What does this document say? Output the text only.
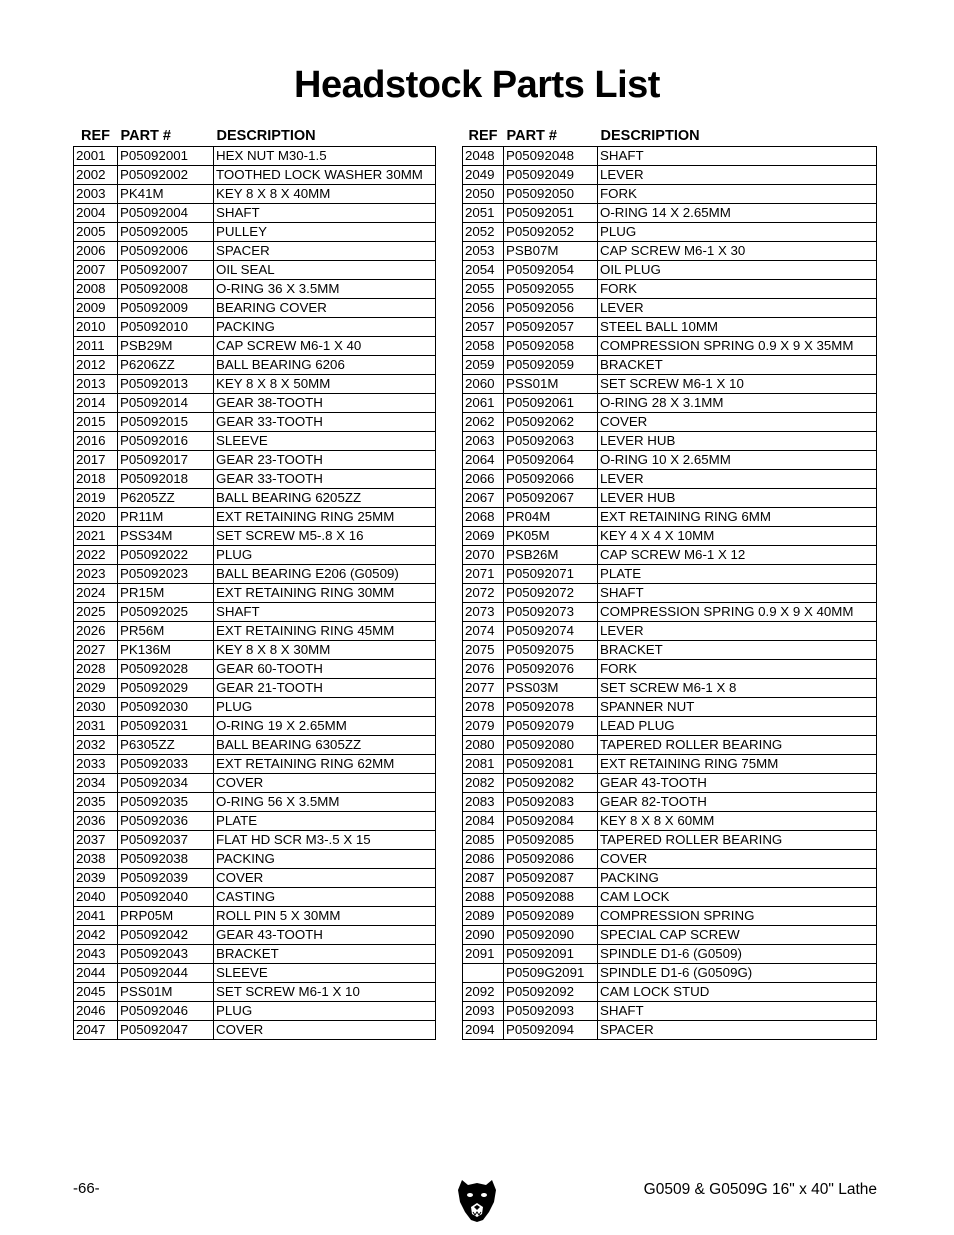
Headstock Parts List
REF	PART #	DESCRIPTION
2001	P05092001	HEX NUT M30-1.5
2002	P05092002	TOOTHED LOCK WASHER 30MM
2003	PK41M	KEY 8 X 8 X 40MM
2004	P05092004	SHAFT
2005	P05092005	PULLEY
2006	P05092006	SPACER
2007	P05092007	OIL SEAL
2008	P05092008	O-RING 36 X 3.5MM
2009	P05092009	BEARING COVER
2010	P05092010	PACKING
2011	PSB29M	CAP SCREW M6-1 X 40
2012	P6206ZZ	BALL BEARING 6206
2013	P05092013	KEY 8 X 8 X 50MM
2014	P05092014	GEAR 38-TOOTH
2015	P05092015	GEAR 33-TOOTH
2016	P05092016	SLEEVE
2017	P05092017	GEAR 23-TOOTH
2018	P05092018	GEAR 33-TOOTH
2019	P6205ZZ	BALL BEARING 6205ZZ
2020	PR11M	EXT RETAINING RING 25MM
2021	PSS34M	SET SCREW M5-.8 X 16
2022	P05092022	PLUG
2023	P05092023	BALL BEARING E206 (G0509)
2024	PR15M	EXT RETAINING RING 30MM
2025	P05092025	SHAFT
2026	PR56M	EXT RETAINING RING 45MM
2027	PK136M	KEY 8 X 8 X 30MM
2028	P05092028	GEAR 60-TOOTH
2029	P05092029	GEAR 21-TOOTH
2030	P05092030	PLUG
2031	P05092031	O-RING 19 X 2.65MM
2032	P6305ZZ	BALL BEARING 6305ZZ
2033	P05092033	EXT RETAINING RING 62MM
2034	P05092034	COVER
2035	P05092035	O-RING 56 X 3.5MM
2036	P05092036	PLATE
2037	P05092037	FLAT HD SCR M3-.5 X 15
2038	P05092038	PACKING
2039	P05092039	COVER
2040	P05092040	CASTING
2041	PRP05M	ROLL PIN 5 X 30MM
2042	P05092042	GEAR 43-TOOTH
2043	P05092043	BRACKET
2044	P05092044	SLEEVE
2045	PSS01M	SET SCREW M6-1 X 10
2046	P05092046	PLUG
2047	P05092047	COVER
REF	PART #	DESCRIPTION
2048	P05092048	SHAFT
2049	P05092049	LEVER
2050	P05092050	FORK
2051	P05092051	O-RING 14 X 2.65MM
2052	P05092052	PLUG
2053	PSB07M	CAP SCREW M6-1 X 30
2054	P05092054	OIL PLUG
2055	P05092055	FORK
2056	P05092056	LEVER
2057	P05092057	STEEL BALL 10MM
2058	P05092058	COMPRESSION SPRING 0.9 X 9 X 35MM
2059	P05092059	BRACKET
2060	PSS01M	SET SCREW M6-1 X 10
2061	P05092061	O-RING 28 X 3.1MM
2062	P05092062	COVER
2063	P05092063	LEVER HUB
2064	P05092064	O-RING 10 X 2.65MM
2066	P05092066	LEVER
2067	P05092067	LEVER HUB
2068	PR04M	EXT RETAINING RING 6MM
2069	PK05M	KEY 4 X 4 X 10MM
2070	PSB26M	CAP SCREW M6-1 X 12
2071	P05092071	PLATE
2072	P05092072	SHAFT
2073	P05092073	COMPRESSION SPRING 0.9 X 9 X 40MM
2074	P05092074	LEVER
2075	P05092075	BRACKET
2076	P05092076	FORK
2077	PSS03M	SET SCREW M6-1 X 8
2078	P05092078	SPANNER NUT
2079	P05092079	LEAD PLUG
2080	P05092080	TAPERED ROLLER BEARING
2081	P05092081	EXT RETAINING RING 75MM
2082	P05092082	GEAR 43-TOOTH
2083	P05092083	GEAR 82-TOOTH
2084	P05092084	KEY 8 X 8 X 60MM
2085	P05092085	TAPERED ROLLER BEARING
2086	P05092086	COVER
2087	P05092087	PACKING
2088	P05092088	CAM LOCK
2089	P05092089	COMPRESSION SPRING
2090	P05092090	SPECIAL CAP SCREW
2091	P05092091	SPINDLE D1-6 (G0509)
	P0509G2091	SPINDLE D1-6 (G0509G)
2092	P05092092	CAM LOCK STUD
2093	P05092093	SHAFT
2094	P05092094	SPACER
-66-	G0509 & G0509G 16" x 40" Lathe
